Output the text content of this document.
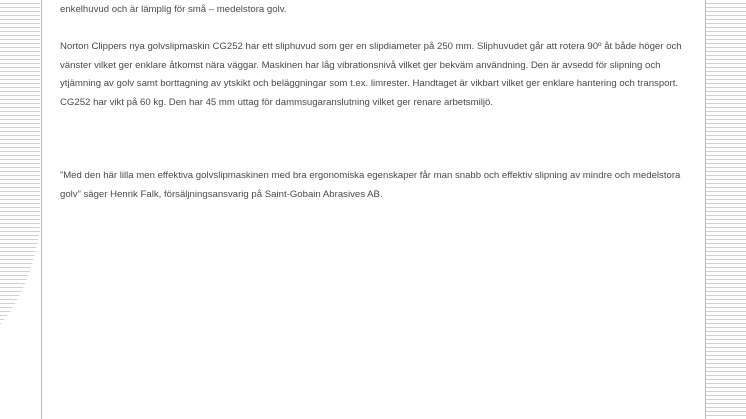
enkelhuvud och är lämplig för små – medelstora golv.

Norton Clippers nya golvslipmaskin CG252 har ett sliphuvud som ger en slipdiameter på 250 mm. Sliphuvudet går att rotera 90º åt både höger och vänster vilket ger enklare åtkomst nära väggar. Maskinen har låg vibrationsnivå vilket ger bekväm användning. Den är avsedd för slipning och ytjämning av golv samt borttagning av ytskikt och beläggningar som t.ex. limrester. Handtaget är vikbart vilket ger enklare hantering och transport. CG252 har vikt på 60 kg. Den har 45 mm uttag för dammsugaranslutning vilket ger renare arbetsmiljö.

”Med den här lilla men effektiva golvslipmaskinen med bra ergonomiska egenskaper får man snabb och effektiv slipning av mindre och medelstora golv” säger Henrik Falk, försäljningsansvarig på Saint-Gobain Abrasives AB.
